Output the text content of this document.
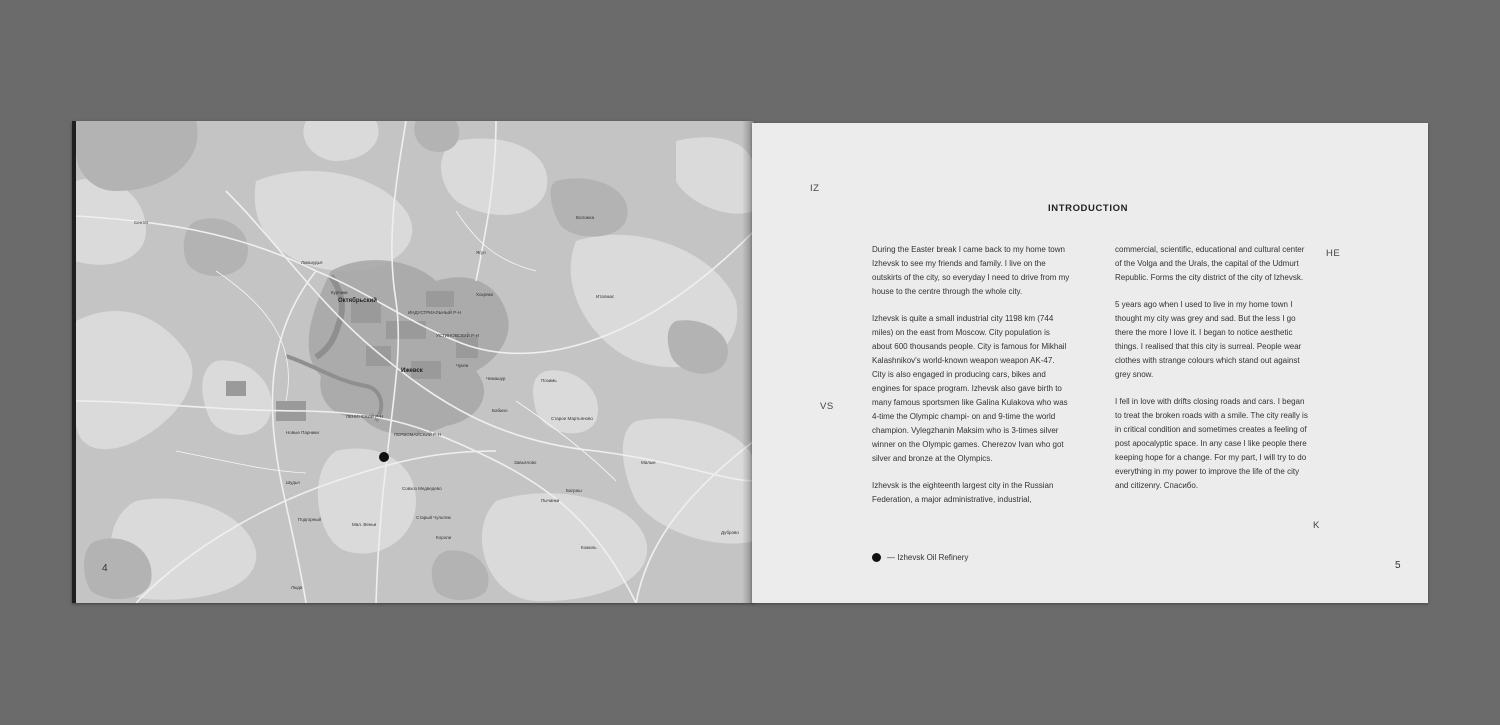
Ижевск
Октябрьский
ЛЕНИНСКИЙ Р-Н
ПЕРВОМАЙСКИЙ Р-Н
УСТИНОВСКИЙ Р-Н
ИНДУСТРИАЛЬНЫЙ Р-Н
Завьялово
Совхоз Медведево
Хохряки
Бабино
Старое Мартьяново
Шудья
Италмас
Воложка
Пычанки
Новые Парники
Подгорный
Курчаки
Мал. Веньи
Ягул
Люкшудья
Чемашур
Чукеи
Позимь
Дуброво
Кожиль
Старый Чультем
Баграш
Короли
Малые
Сентег
Люди
4
IZ
VS
HE
K
INTRODUCTION

During the Easter break I came back to my home town Izhevsk to see my friends and family. I live on the outskirts of the city, so everyday I need to drive from my house to the centre through the whole city.

Izhevsk is quite a small industrial city 1198 km (744 miles) on the east from Moscow. City population is about 600 thousands people. City is famous for Mikhail Kalashnikov's world-known weapon weapon AK-47. City is also engaged in producing cars, bikes and engines for space program. Izhevsk also gave birth to many famous sportsmen like Galina Kulakova who was 4-time the Olympic champi- on and 9-time the world champion. Vylegzhanin Maksim who is 3-times silver winner on the Olympic games. Cherezov Ivan who got silver and bronze at the Olympics.

Izhevsk is the eighteenth largest city in the Russian Federation, a major administrative, industrial,

commercial, scientific, educational and cultural center of the Volga and the Urals, the capital of the Udmurt Republic. Forms the city district of the city of Izhevsk.

5 years ago when I used to live in my home town I thought my city was grey and sad. But the less I go there the more I love it. I began to notice aesthetic things. I realised that this city is surreal. People wear clothes with strange colours which stand out against grey snow.

I fell in love with drifts closing roads and cars. I began to treat the broken roads with a smile. The city really is in critical condition and sometimes creates a feeling of post apocalyptic space. In any case I like people there keeping hope for a change. For my part, I will try to do everything in my power to improve the life of the city and citizenry. Спасибо.

— Izhevsk Oil Refinery
5
